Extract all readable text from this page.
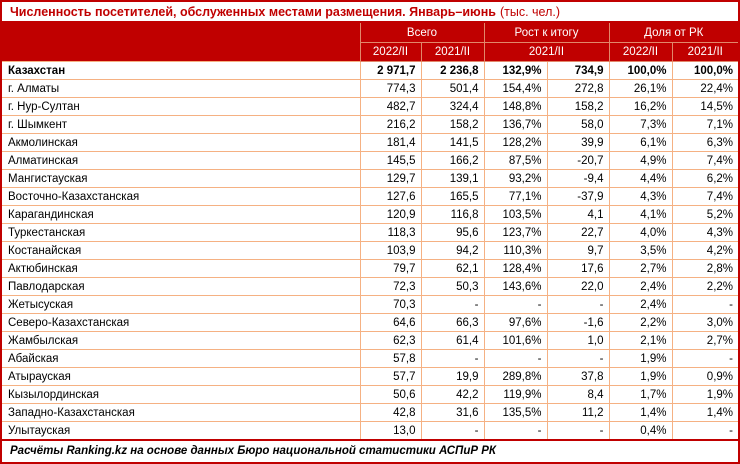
Численность посетителей, обслуженных местами размещения. Январь–июнь (тыс. чел.)
	Всего		Рост к итогу		Доля от РК	
	2022/II	2021/II	2021/II		2022/II	2021/II
Казахстан	2 971,7	2 236,8	132,9%	734,9	100,0%	100,0%
г. Алматы	774,3	501,4	154,4%	272,8	26,1%	22,4%
г. Нур-Султан	482,7	324,4	148,8%	158,2	16,2%	14,5%
г. Шымкент	216,2	158,2	136,7%	58,0	7,3%	7,1%
Акмолинская	181,4	141,5	128,2%	39,9	6,1%	6,3%
Алматинская	145,5	166,2	87,5%	-20,7	4,9%	7,4%
Мангистауская	129,7	139,1	93,2%	-9,4	4,4%	6,2%
Восточно-Казахстанская	127,6	165,5	77,1%	-37,9	4,3%	7,4%
Карагандинская	120,9	116,8	103,5%	4,1	4,1%	5,2%
Туркестанская	118,3	95,6	123,7%	22,7	4,0%	4,3%
Костанайская	103,9	94,2	110,3%	9,7	3,5%	4,2%
Актюбинская	79,7	62,1	128,4%	17,6	2,7%	2,8%
Павлодарская	72,3	50,3	143,6%	22,0	2,4%	2,2%
Жетысуская	70,3	-	-	-	2,4%	-
Северо-Казахстанская	64,6	66,3	97,6%	-1,6	2,2%	3,0%
Жамбылская	62,3	61,4	101,6%	1,0	2,1%	2,7%
Абайская	57,8	-	-	-	1,9%	-
Атырауская	57,7	19,9	289,8%	37,8	1,9%	0,9%
Кызылординская	50,6	42,2	119,9%	8,4	1,7%	1,9%
Западно-Казахстанская	42,8	31,6	135,5%	11,2	1,4%	1,4%
Улытауская	13,0	-	-	-	0,4%	-
Расчёты Ranking.kz на основе данных Бюро национальной статистики АСПиР РК						
